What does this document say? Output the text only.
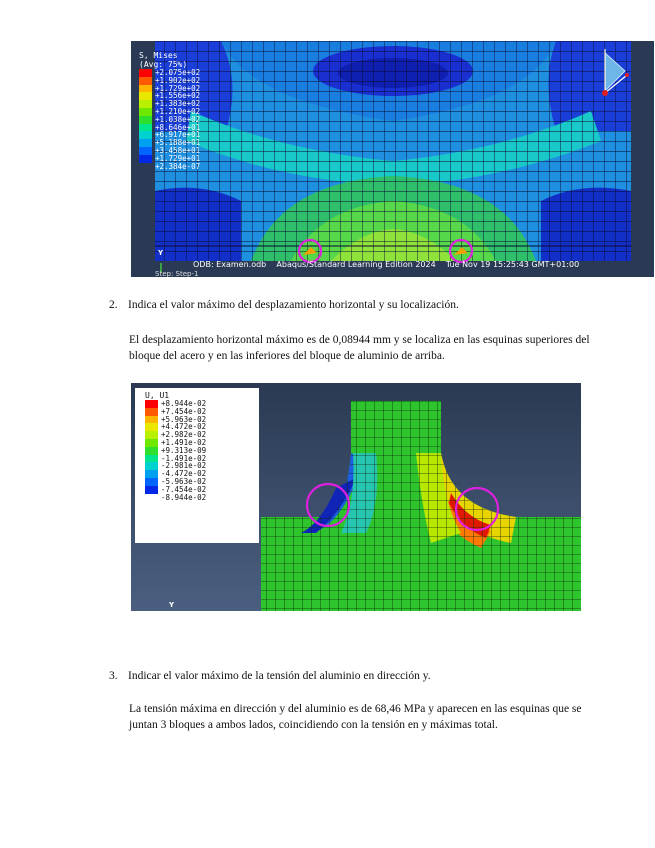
S, Mises
(Avg: 75%)
+2.075e+02
+1.902e+02
+1.729e+02
+1.556e+02
+1.383e+02
+1.210e+02
+1.038e+02
+8.646e+01
+6.917e+01
+5.188e+01
+3.458e+01
+1.729e+01
+2.384e-07
Y
ODB: Examen.odb    Abaqus/Standard Learning Edition 2024    Tue Nov 19 15:25:43 GMT+01:00
Step: Step-1
2. Indica el valor máximo del desplazamiento horizontal y su localización.
El desplazamiento horizontal máximo es de 0,08944 mm y se localiza en las esquinas superiores del bloque del acero y en las inferiores del bloque de aluminio de arriba.
U, U1
+8.944e-02
+7.454e-02
+5.963e-02
+4.472e-02
+2.982e-02
+1.491e-02
+9.313e-09
-1.491e-02
-2.981e-02
-4.472e-02
-5.963e-02
-7.454e-02
-8.944e-02
Y
3. Indicar el valor máximo de la tensión del aluminio en dirección y.
La tensión máxima en dirección y del aluminio es de 68,46 MPa y aparecen en las esquinas que se juntan 3 bloques a ambos lados, coincidiendo con la tensión en y máximas total.
